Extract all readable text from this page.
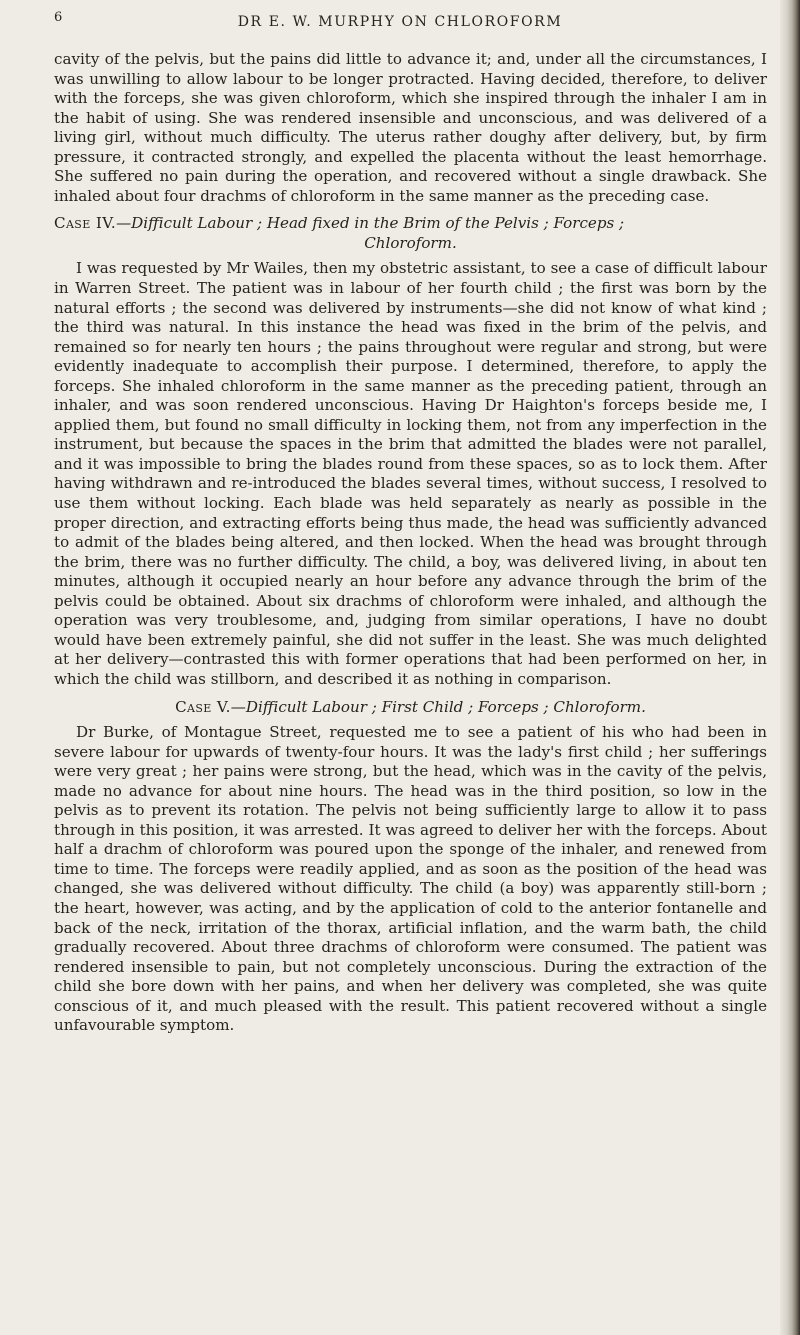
6	DR E. W. MURPHY ON CHLOROFORM

cavity of the pelvis, but the pains did little to advance it; and, under all the circumstances, I was unwilling to allow labour to be longer protracted. Having decided, therefore, to deliver with the forceps, she was given chloroform, which she inspired through the inhaler I am in the habit of using. She was rendered insensible and unconscious, and was delivered of a living girl, without much difficulty. The uterus rather doughy after delivery, but, by firm pressure, it contracted strongly, and expelled the placenta without the least hemorrhage. She suffered no pain during the operation, and recovered without a single drawback. She inhaled about four drachms of chloroform in the same manner as the preceding case.

Case IV.—Difficult Labour ; Head fixed in the Brim of the Pelvis ; Forceps ;
Chloroform.

I was requested by Mr Wailes, then my obstetric assistant, to see a case of difficult labour in Warren Street. The patient was in labour of her fourth child ; the first was born by the natural efforts ; the second was delivered by instruments—she did not know of what kind ; the third was natural. In this instance the head was fixed in the brim of the pelvis, and remained so for nearly ten hours ; the pains throughout were regular and strong, but were evidently inadequate to accomplish their purpose. I determined, therefore, to apply the forceps. She inhaled chloroform in the same manner as the preceding patient, through an inhaler, and was soon rendered unconscious. Having Dr Haighton's forceps beside me, I applied them, but found no small difficulty in locking them, not from any imperfection in the instrument, but because the spaces in the brim that admitted the blades were not parallel, and it was impossible to bring the blades round from these spaces, so as to lock them. After having withdrawn and re-introduced the blades several times, without success, I resolved to use them without locking. Each blade was held separately as nearly as possible in the proper direction, and extracting efforts being thus made, the head was sufficiently advanced to admit of the blades being altered, and then locked. When the head was brought through the brim, there was no further difficulty. The child, a boy, was delivered living, in about ten minutes, although it occupied nearly an hour before any advance through the brim of the pelvis could be obtained. About six drachms of chloroform were inhaled, and although the operation was very troublesome, and, judging from similar operations, I have no doubt would have been extremely painful, she did not suffer in the least. She was much delighted at her delivery—contrasted this with former operations that had been performed on her, in which the child was stillborn, and described it as nothing in comparison.

Case V.—Difficult Labour ; First Child ; Forceps ; Chloroform.

Dr Burke, of Montague Street, requested me to see a patient of his who had been in severe labour for upwards of twenty-four hours. It was the lady's first child ; her sufferings were very great ; her pains were strong, but the head, which was in the cavity of the pelvis, made no advance for about nine hours. The head was in the third position, so low in the pelvis as to prevent its rotation. The pelvis not being sufficiently large to allow it to pass through in this position, it was arrested. It was agreed to deliver her with the forceps. About half a drachm of chloroform was poured upon the sponge of the inhaler, and renewed from time to time. The forceps were readily applied, and as soon as the position of the head was changed, she was delivered without difficulty. The child (a boy) was apparently still-born ; the heart, however, was acting, and by the application of cold to the anterior fontanelle and back of the neck, irritation of the thorax, artificial inflation, and the warm bath, the child gradually recovered. About three drachms of chloroform were consumed. The patient was rendered insensible to pain, but not completely unconscious. During the extraction of the child she bore down with her pains, and when her delivery was completed, she was quite conscious of it, and much pleased with the result. This patient recovered without a single unfavourable symptom.
